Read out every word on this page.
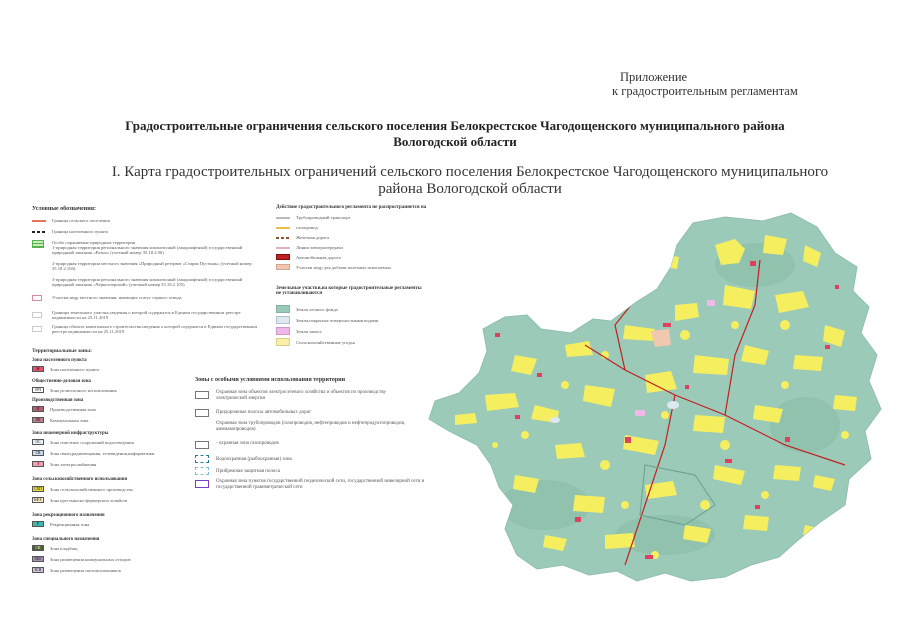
Приложение
к градостроительным регламентам
Градостроительные ограничения сельского поселения Белокрестское Чагодощенского муниципального района
Вологодской области
I. Карта градостроительных ограничений сельского поселения Белокрестское Чагодощенского муниципального
района Вологодской области
Условные обозначения:
Граница сельского поселения
Граница населенного пункта
Особо охраняемые природные территории
1-природная территория регионального значения комплексный (ландшафтный) государственный природный заказник «Ратно» (учетный номер 35.18.2.96)
2-природная территория местного значения «Природный резерват «Старая Пустынь» (учетный номер 35.18.2.104)
3-природная территория регионального значения комплексный (ландшафтный) государственный природный заказник «Черноозерский» (учетный номер 35.18.2.105)
Участки недр местного значения, имеющих статус горного отвода
Границы земельного участка,сведения о которой содержатся в Едином государственном реестре недвижимости на 25.11.2019
Граница объекта капитального строительства,сведения о которой содержатся в Едином государственном реестре недвижимости на 25.11.2019
Территориальные зоны:
Зона населенного пункта
Ж	Зона населенного пункта
Общественно-деловая зона
ОРЗ	Зона религиозного использования
Производственная зона
П	Производственная зона
ПК	Коммунальная зона
Зона инженерной инфраструктуры
ОС	Зона очистных сооружений водоотведения
СВ	Зона связи,радиовещания, телевидения,информатики
Э	Зона электроснабжения
Зона сельскохозяйственного использования
СХП	Зона сельскохозяйственного производства
КФХ	Зона крестьянско-фермерских хозяйств
Зона рекреационного назначения
Р	Рекреационная зона
Зона специального назначения
СН	Зона кладбищ
ЗКО	Зона размещения коммунальных отходов
ЗСН	Зона размещения скотомогильников
Действие градостроительного регламента не распространяется на
Трубопроводный транспорт
газопровод
Железная дорога
Линии электропередачи
Автомобильная дорога
Участки недр для добычи полезных ископаемых
Земельные участки,на которые градостроительные регламенты
не устанавливаются
Земли лесного фонда
Земли,покрытые поверхностными водами
Земли запаса
Сельскохозяйственные угодья
Зоны с особыми условиями использования территории
Охранная зона объектов электросетевого хозяйства и объектов по производству электрической энергии
Придорожные полосы автомобильных дорог
Охранная зона трубопроводов (газопроводов, нефтепроводов и нефтепродуктопроводов, аммиакопроводов)
- охранная зона газопроводов
Водоохранная (рыбоохранная) зона
Прибрежная защитная полоса
Охранная зона пунктов государственной геодезической сети, государственной нивелирной сети и государственной гравиметрической сети
